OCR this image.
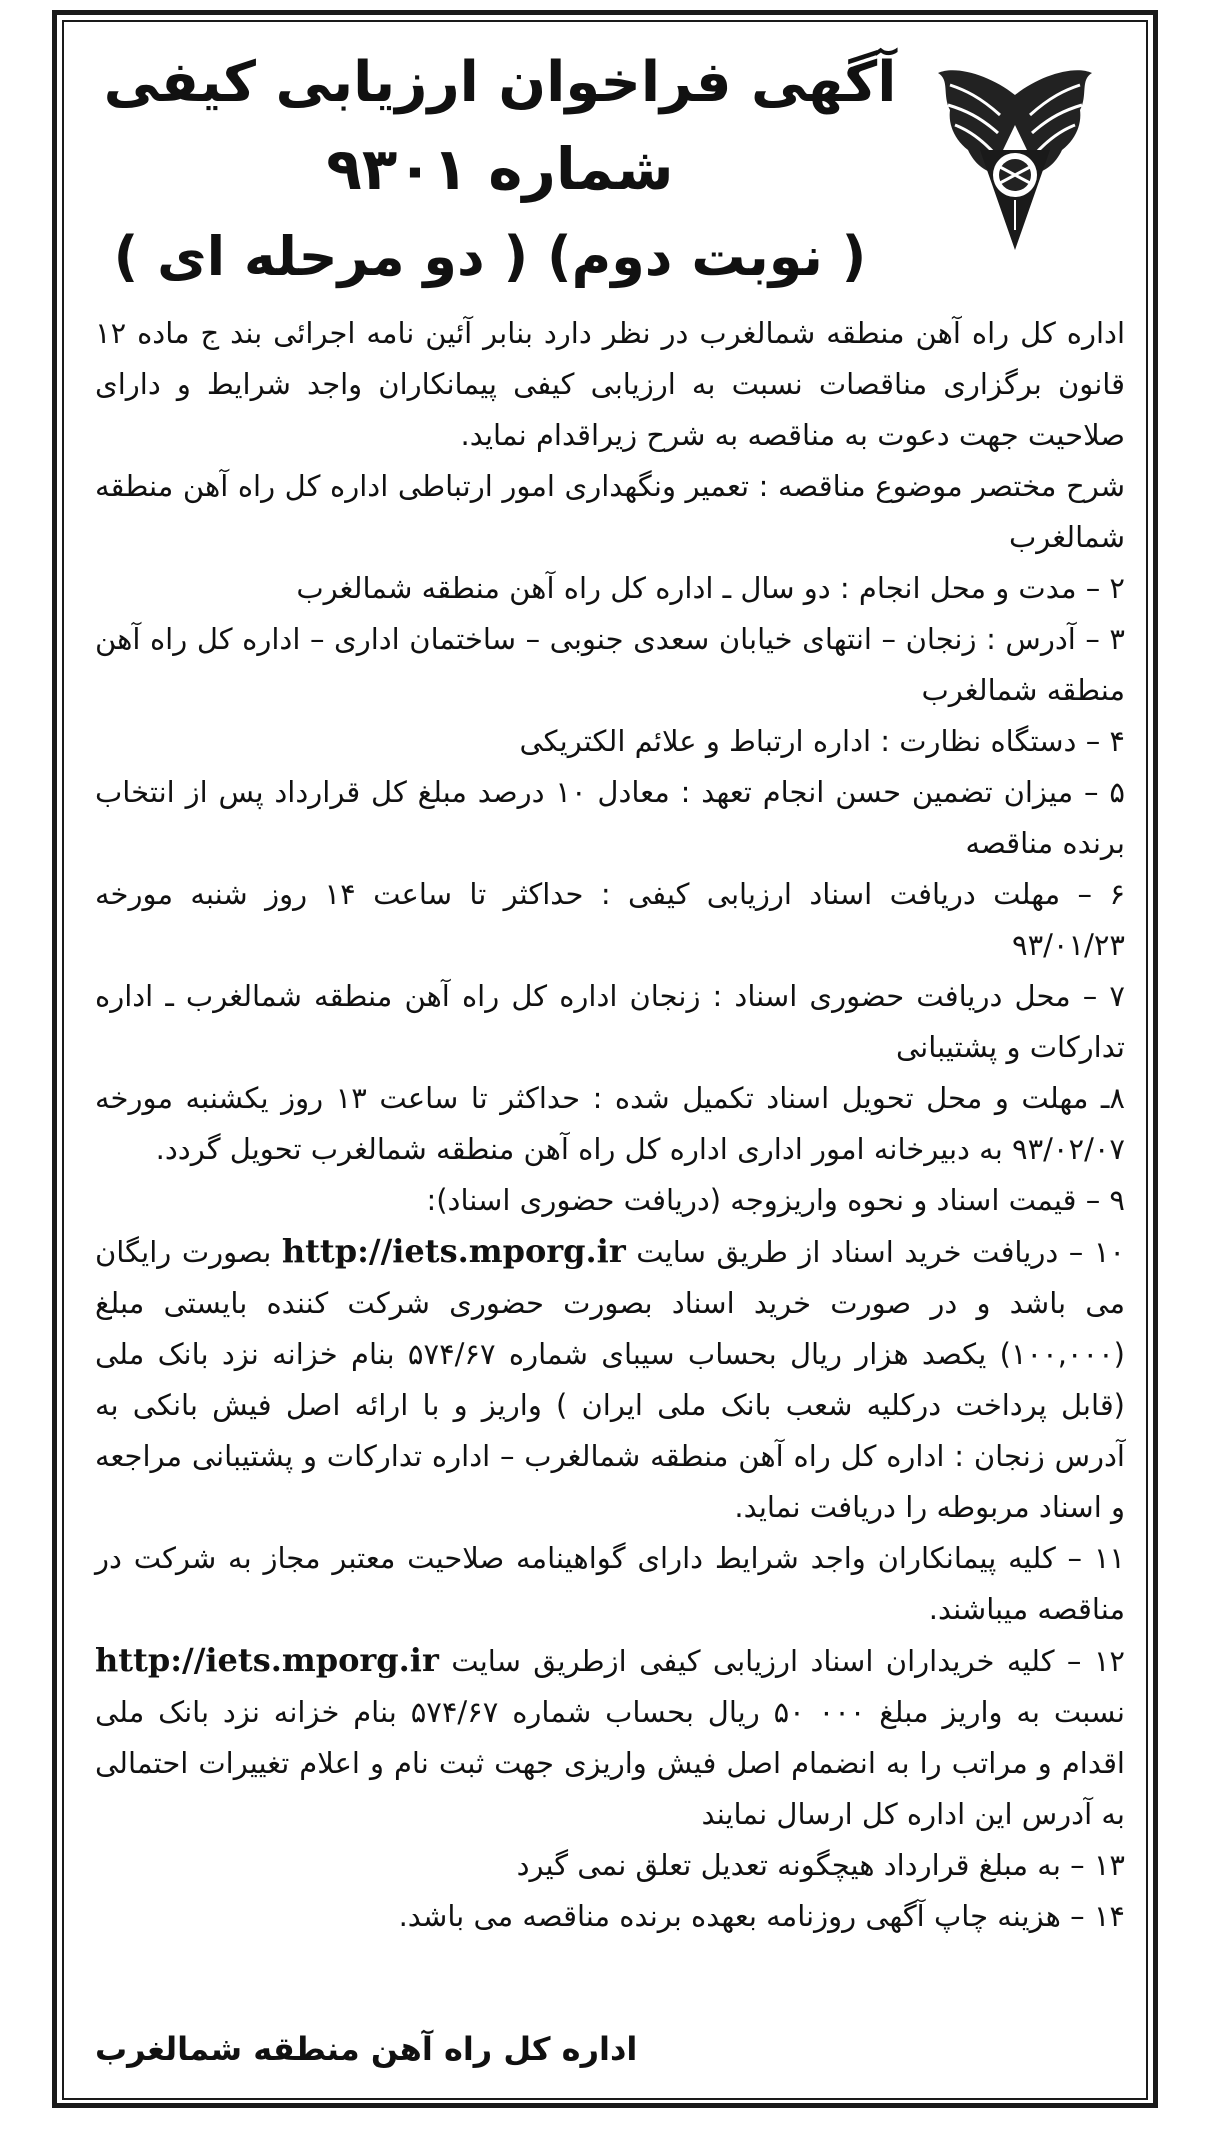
آگهی فراخوان ارزیابی کیفی
شماره ۹۳۰۱
( نوبت دوم) ( دو مرحله ای )

اداره کل راه آهن منطقه شمالغرب در نظر دارد بنابر آئین نامه اجرائی بند ج ماده ۱۲ قانون برگزاری مناقصات نسبت به ارزیابی کیفی پیمانکاران واجد شرایط و دارای صلاحیت جهت دعوت به مناقصه به شرح زیراقدام نماید.

شرح مختصر موضوع مناقصه : تعمیر ونگهداری امور ارتباطی اداره کل راه آهن منطقه شمالغرب

۲ – مدت و محل انجام : دو سال ـ اداره کل راه آهن منطقه شمالغرب

۳ – آدرس : زنجان – انتهای خیابان سعدی جنوبی – ساختمان اداری – اداره کل راه آهن منطقه شمالغرب

۴ – دستگاه نظارت : اداره ارتباط و علائم الکتریکی

۵ – میزان تضمین حسن انجام تعهد : معادل ۱۰ درصد مبلغ کل قرارداد پس از انتخاب برنده مناقصه

۶ – مهلت دریافت اسناد ارزیابی کیفی : حداکثر تا ساعت ۱۴ روز شنبه مورخه ۹۳/۰۱/۲۳

۷ – محل دریافت حضوری اسناد : زنجان اداره کل راه آهن منطقه شمالغرب ـ اداره تدارکات و پشتیبانی

۸ـ مهلت و محل تحویل اسناد تکمیل شده : حداکثر تا ساعت ۱۳ روز یکشنبه مورخه ۹۳/۰۲/۰۷ به دبیرخانه امور اداری اداره کل راه آهن منطقه شمالغرب تحویل گردد.

۹ – قیمت اسناد و نحوه واریزوجه (دریافت حضوری اسناد):

۱۰ – دریافت خرید اسناد از طریق سایت http://iets.mporg.ir بصورت رایگان می باشد و در صورت خرید اسناد بصورت حضوری شرکت کننده بایستی مبلغ (۱۰۰,۰۰۰) یکصد هزار ریال بحساب سیبای شماره ۵۷۴/۶۷ بنام خزانه نزد بانک ملی (قابل پرداخت درکلیه شعب بانک ملی ایران ) واریز و با ارائه اصل فیش بانکی به آدرس زنجان : اداره کل راه آهن منطقه شمالغرب – اداره تدارکات و پشتیبانی مراجعه و اسناد مربوطه را دریافت نماید.

۱۱ – کلیه پیمانکاران واجد شرایط دارای گواهینامه صلاحیت معتبر مجاز به شرکت در مناقصه میباشند.

۱۲ – کلیه خریداران اسناد ارزیابی کیفی ازطریق سایت http://iets.mporg.ir نسبت به واریز مبلغ ۰۰۰ ۵۰ ریال بحساب شماره ۵۷۴/۶۷ بنام خزانه نزد بانک ملی اقدام و مراتب را به انضمام اصل فیش واریزی جهت ثبت نام و اعلام تغییرات احتمالی به آدرس این اداره کل ارسال نمایند

۱۳ – به مبلغ قرارداد هیچگونه تعدیل تعلق نمی گیرد

۱۴ – هزینه چاپ آگهی روزنامه بعهده برنده مناقصه می باشد.

اداره کل راه آهن منطقه شمالغرب
